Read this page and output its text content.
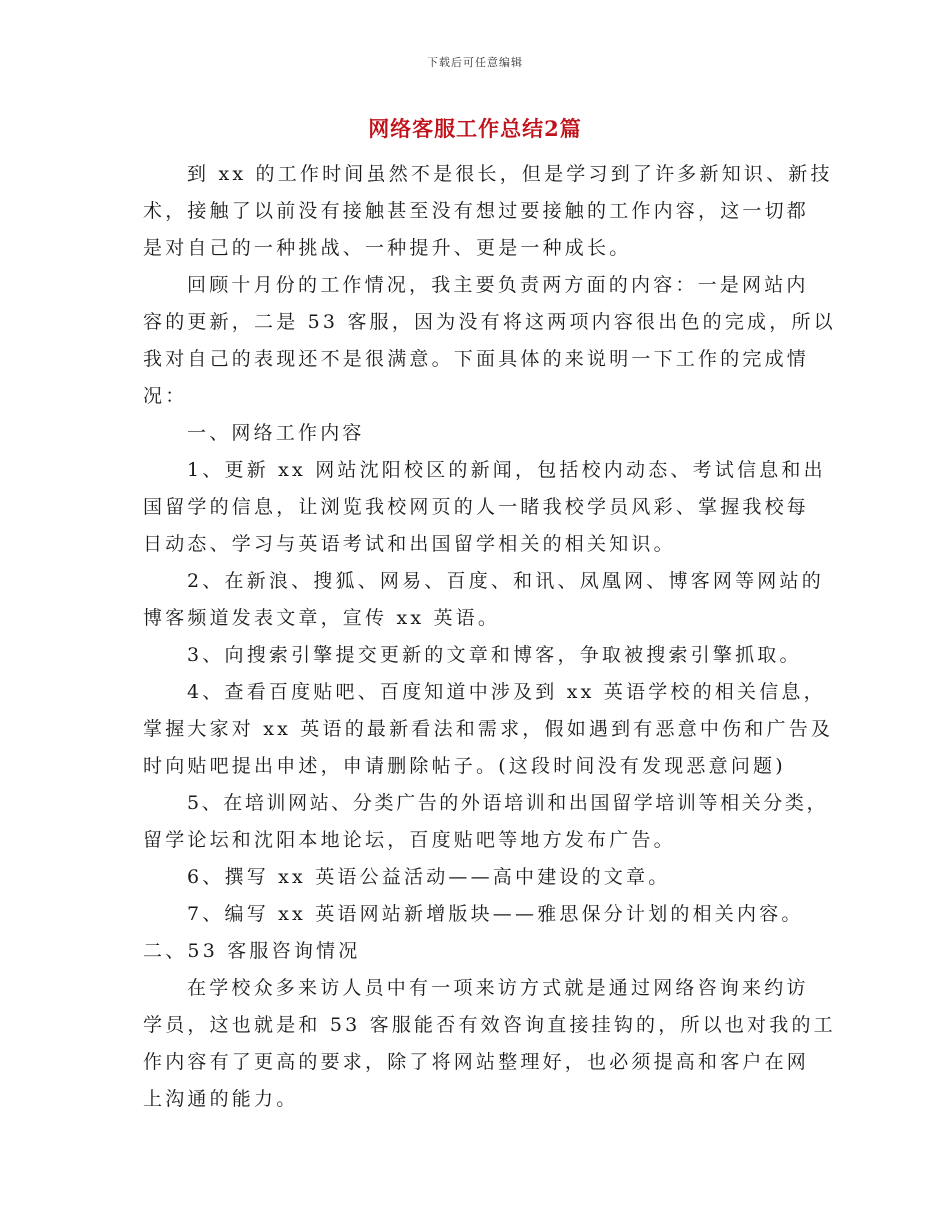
下载后可任意编辑
网络客服工作总结2篇
到 xx 的工作时间虽然不是很长，但是学习到了许多新知识、新技
术，接触了以前没有接触甚至没有想过要接触的工作内容，这一切都
是对自己的一种挑战、一种提升、更是一种成长。
回顾十月份的工作情况，我主要负责两方面的内容：一是网站内
容的更新，二是 53 客服，因为没有将这两项内容很出色的完成，所以
我对自己的表现还不是很满意。下面具体的来说明一下工作的完成情
况：
一、网络工作内容
1、更新 xx 网站沈阳校区的新闻，包括校内动态、考试信息和出
国留学的信息，让浏览我校网页的人一睹我校学员风彩、掌握我校每
日动态、学习与英语考试和出国留学相关的相关知识。
2、在新浪、搜狐、网易、百度、和讯、凤凰网、博客网等网站的
博客频道发表文章，宣传 xx 英语。
3、向搜索引擎提交更新的文章和博客，争取被搜索引擎抓取。
4、查看百度贴吧、百度知道中涉及到 xx 英语学校的相关信息，
掌握大家对 xx 英语的最新看法和需求，假如遇到有恶意中伤和广告及
时向贴吧提出申述，申请删除帖子。(这段时间没有发现恶意问题)
5、在培训网站、分类广告的外语培训和出国留学培训等相关分类，
留学论坛和沈阳本地论坛，百度贴吧等地方发布广告。
6、撰写 xx 英语公益活动——高中建设的文章。
7、编写 xx 英语网站新增版块——雅思保分计划的相关内容。
二、53 客服咨询情况
在学校众多来访人员中有一项来访方式就是通过网络咨询来约访
学员，这也就是和 53 客服能否有效咨询直接挂钩的，所以也对我的工
作内容有了更高的要求，除了将网站整理好，也必须提高和客户在网
上沟通的能力。
